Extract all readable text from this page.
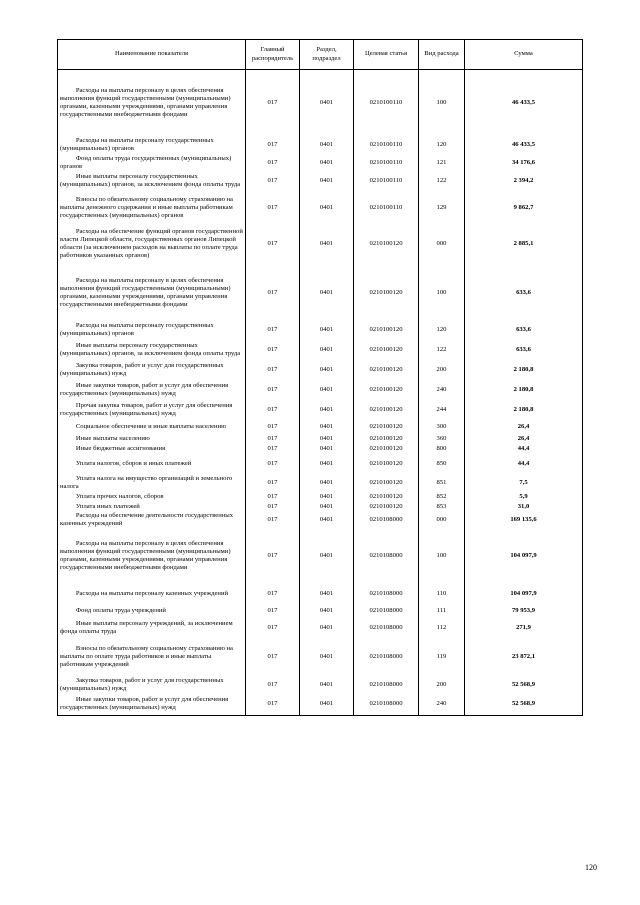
Наименование показателя	Главный распорядитель	Раздел, подраздел	Целевая статья	Вид расхода	Сумма

Расходы на выплаты персоналу в целях обеспечения выполнения функций государственными (муниципальными) органами, казенными учреждениями, органами управления государственными внебюджетными фондами	017	0401	0210100110	100	46 433,5

Расходы на выплаты персоналу государственных (муниципальных) органов	017	0401	0210100110	120	46 433,5

Фонд оплаты труда государственных (муниципальных) органов	017	0401	0210100110	121	34 176,6

Иные выплаты персоналу государственных (муниципальных) органов, за исключением фонда оплаты труда	017	0401	0210100110	122	2 394,2

Взносы по обязательному социальному страхованию на выплаты денежного содержания и иные выплаты работникам государственных (муниципальных) органов	017	0401	0210100110	129	9 862,7

Расходы на обеспечение функций органов государственной власти Липецкой области, государственных органов Липецкой области (за исключением расходов на выплаты по оплате труда работников указанных органов)	017	0401	0210100120	000	2 885,1

Расходы на выплаты персоналу в целях обеспечения выполнения функций государственными (муниципальными) органами, казенными учреждениями, органами управления государственными внебюджетными фондами	017	0401	0210100120	100	633,6

Расходы на выплаты персоналу государственных (муниципальных) органов	017	0401	0210100120	120	633,6

Иные выплаты персоналу государственных (муниципальных) органов, за исключением фонда оплаты труда	017	0401	0210100120	122	633,6

Закупка товаров, работ и услуг для государственных (муниципальных) нужд	017	0401	0210100120	200	2 180,8

Иные закупки товаров, работ и услуг для обеспечения государственных (муниципальных) нужд	017	0401	0210100120	240	2 180,8

Прочая закупка товаров, работ и услуг для обеспечения государственных (муниципальных) нужд	017	0401	0210100120	244	2 180,8

Социальное обеспечение и иные выплаты населению	017	0401	0210100120	300	26,4

Иные выплаты населению	017	0401	0210100120	360	26,4

Иные бюджетные ассигнования	017	0401	0210100120	800	44,4

Уплата налогов, сборов и иных платежей	017	0401	0210100120	850	44,4

Уплата налога на имущество организаций и земельного налога	017	0401	0210100120	851	7,5

Уплата прочих налогов, сборов	017	0401	0210100120	852	5,9

Уплата иных платежей	017	0401	0210100120	853	31,0

Расходы на обеспечение деятельности государственных казенных учреждений	017	0401	0210108000	000	169 135,6

Расходы на выплаты персоналу в целях обеспечения выполнения функций государственными (муниципальными) органами, казенными учреждениями, органами управления государственными внебюджетными фондами	017	0401	0210108000	100	104 097,9

Расходы на выплаты персоналу казенных учреждений	017	0401	0210108000	110	104 097,9

Фонд оплаты труда учреждений	017	0401	0210108000	111	79 953,9

Иные выплаты персоналу учреждений, за исключением фонда оплаты труда	017	0401	0210108000	112	271,9

Взносы по обязательному социальному страхованию на выплаты по оплате труда работников и иные выплаты работникам учреждений	017	0401	0210108000	119	23 872,1

Закупка товаров, работ и услуг для государственных (муниципальных) нужд	017	0401	0210108000	200	52 568,9

Иные закупки товаров, работ и услуг для обеспечения государственных (муниципальных) нужд	017	0401	0210108000	240	52 568,9
120
